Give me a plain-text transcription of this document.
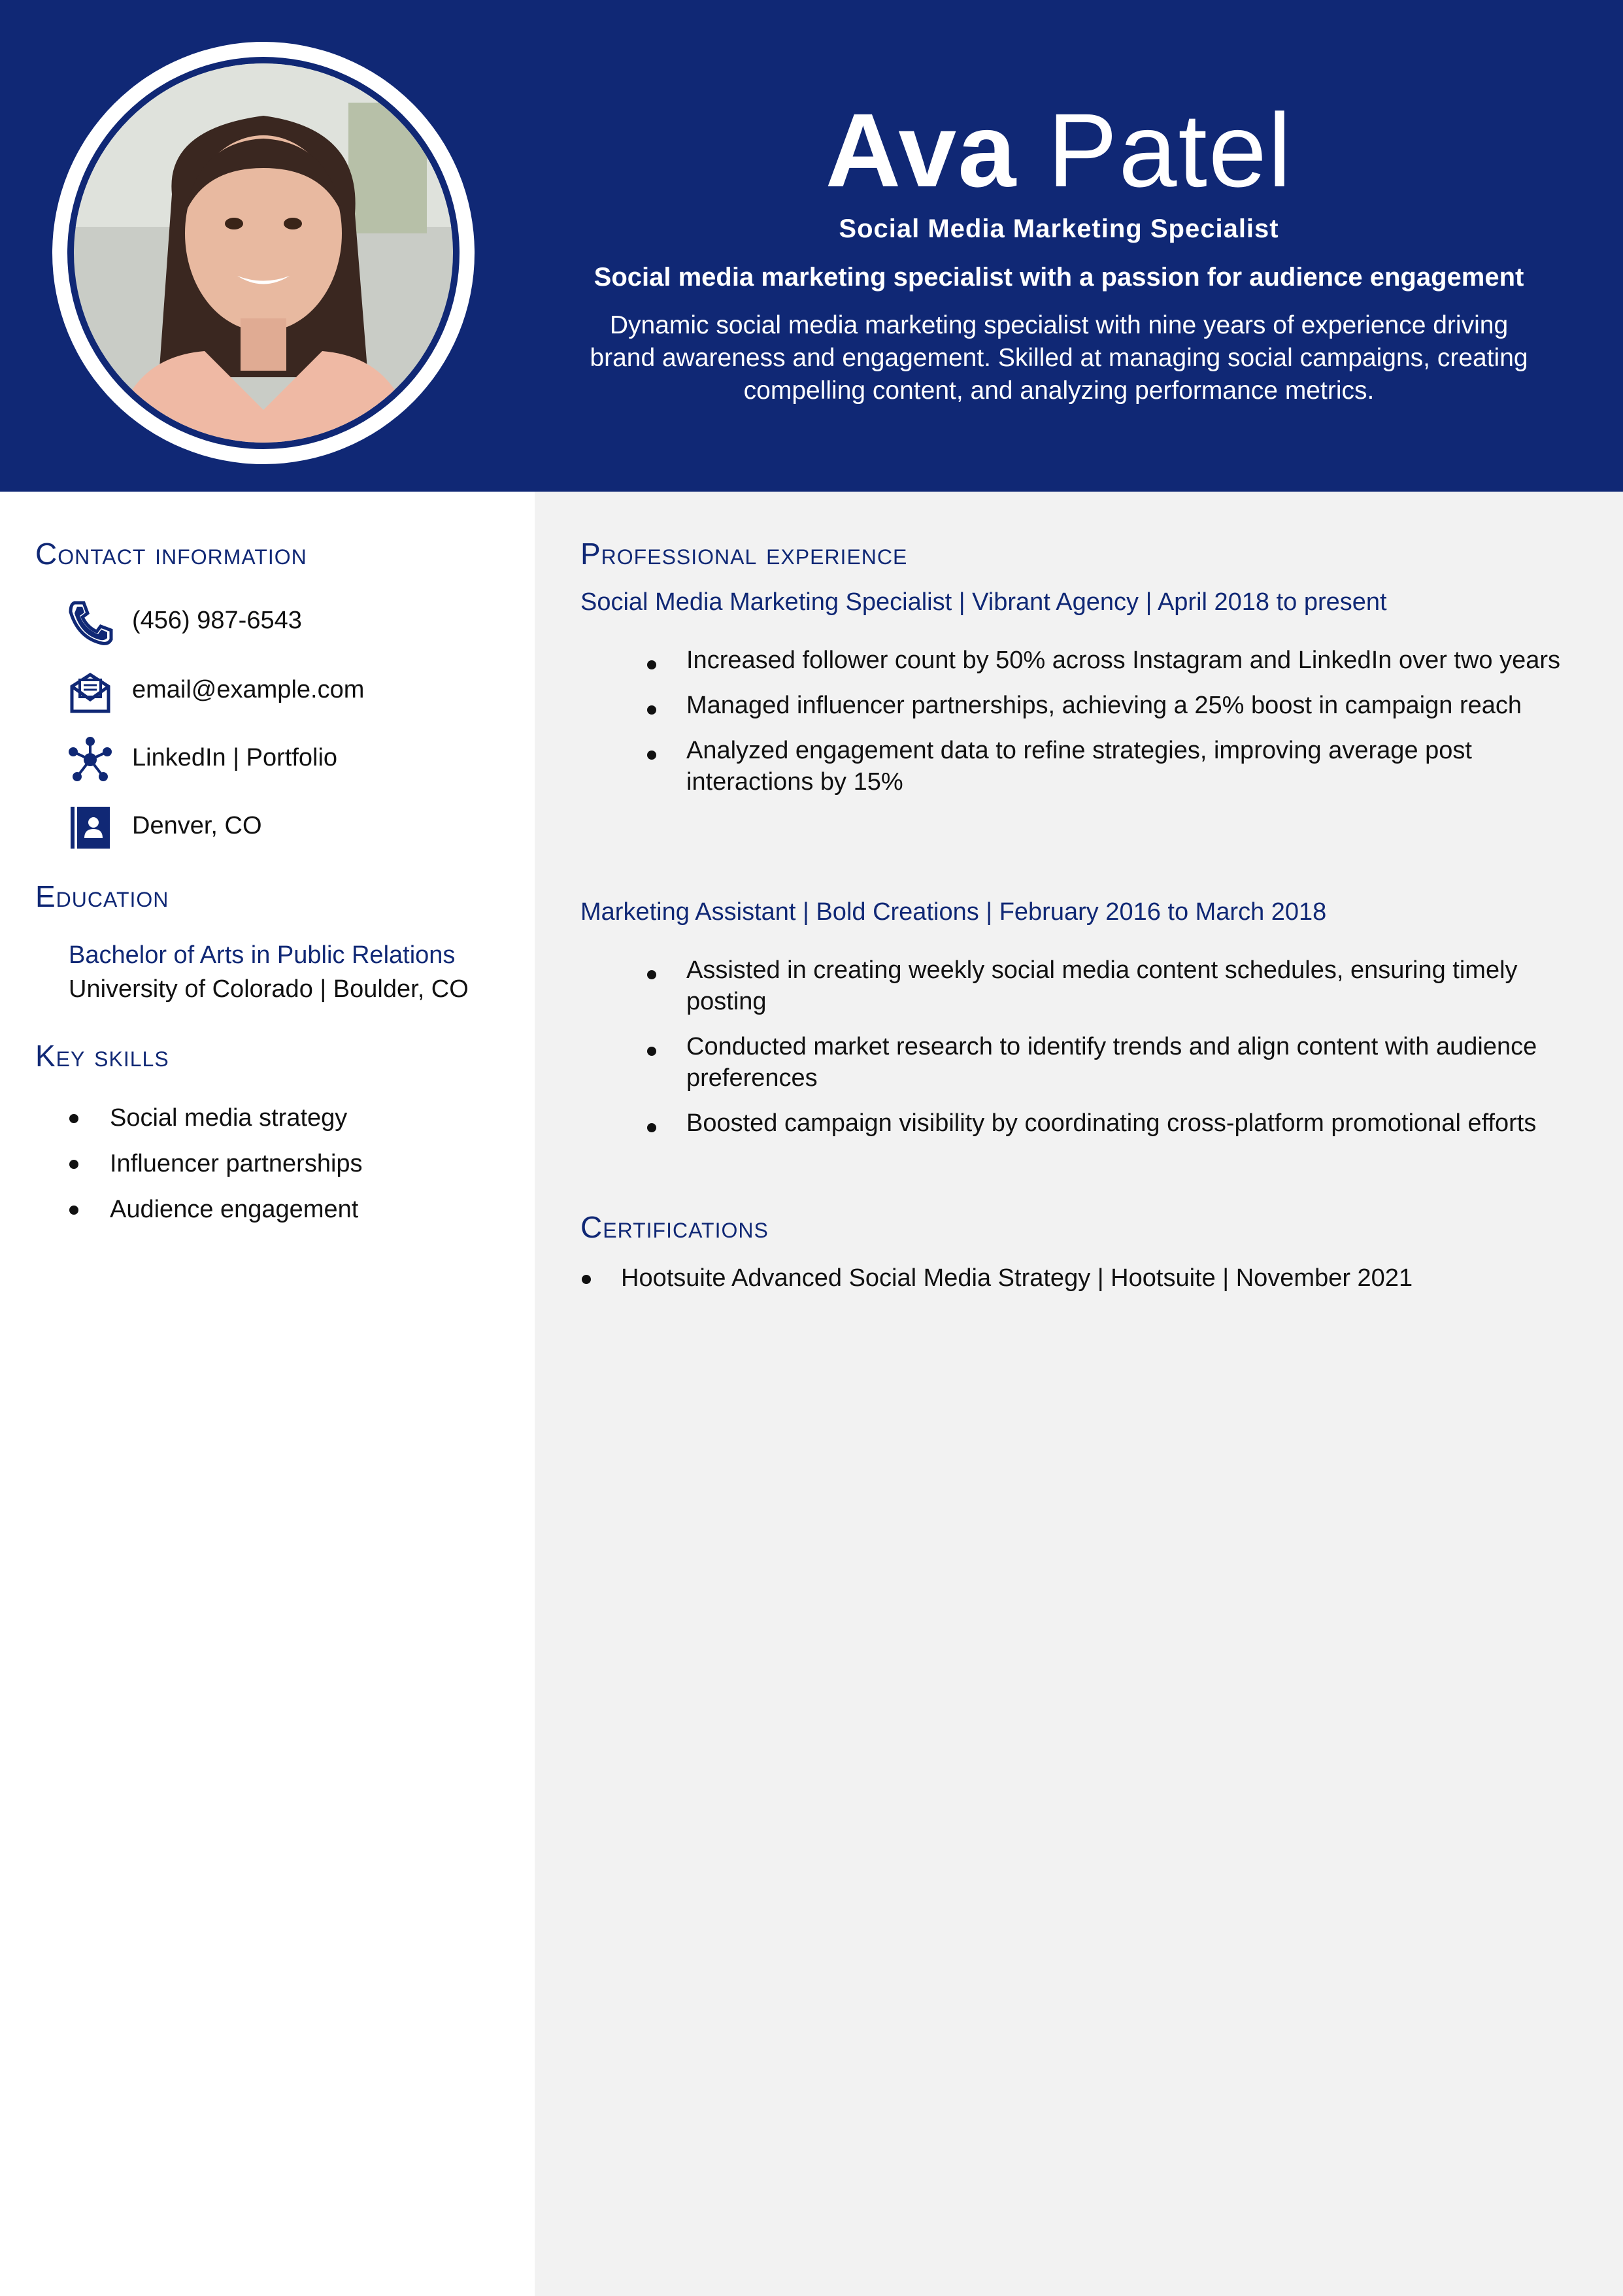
Ava Patel
Social Media Marketing Specialist
Social media marketing specialist with a passion for audience engagement
Dynamic social media marketing specialist with nine years of experience driving brand awareness and engagement. Skilled at managing social campaigns, creating compelling content, and analyzing performance metrics.
Contact information
(456) 987-6543
email@example.com
LinkedIn | Portfolio
Denver, CO
Education
Bachelor of Arts in Public Relations
University of Colorado | Boulder, CO
Key skills
Social media strategy
Influencer partnerships
Audience engagement
Professional experience
Social Media Marketing Specialist | Vibrant Agency | April 2018 to present
Increased follower count by 50% across Instagram and LinkedIn over two years
Managed influencer partnerships, achieving a 25% boost in campaign reach
Analyzed engagement data to refine strategies, improving average post interactions by 15%
Marketing Assistant | Bold Creations | February 2016 to March 2018
Assisted in creating weekly social media content schedules, ensuring timely posting
Conducted market research to identify trends and align content with audience preferences
Boosted campaign visibility by coordinating cross-platform promotional efforts
Certifications
Hootsuite Advanced Social Media Strategy | Hootsuite | November 2021
